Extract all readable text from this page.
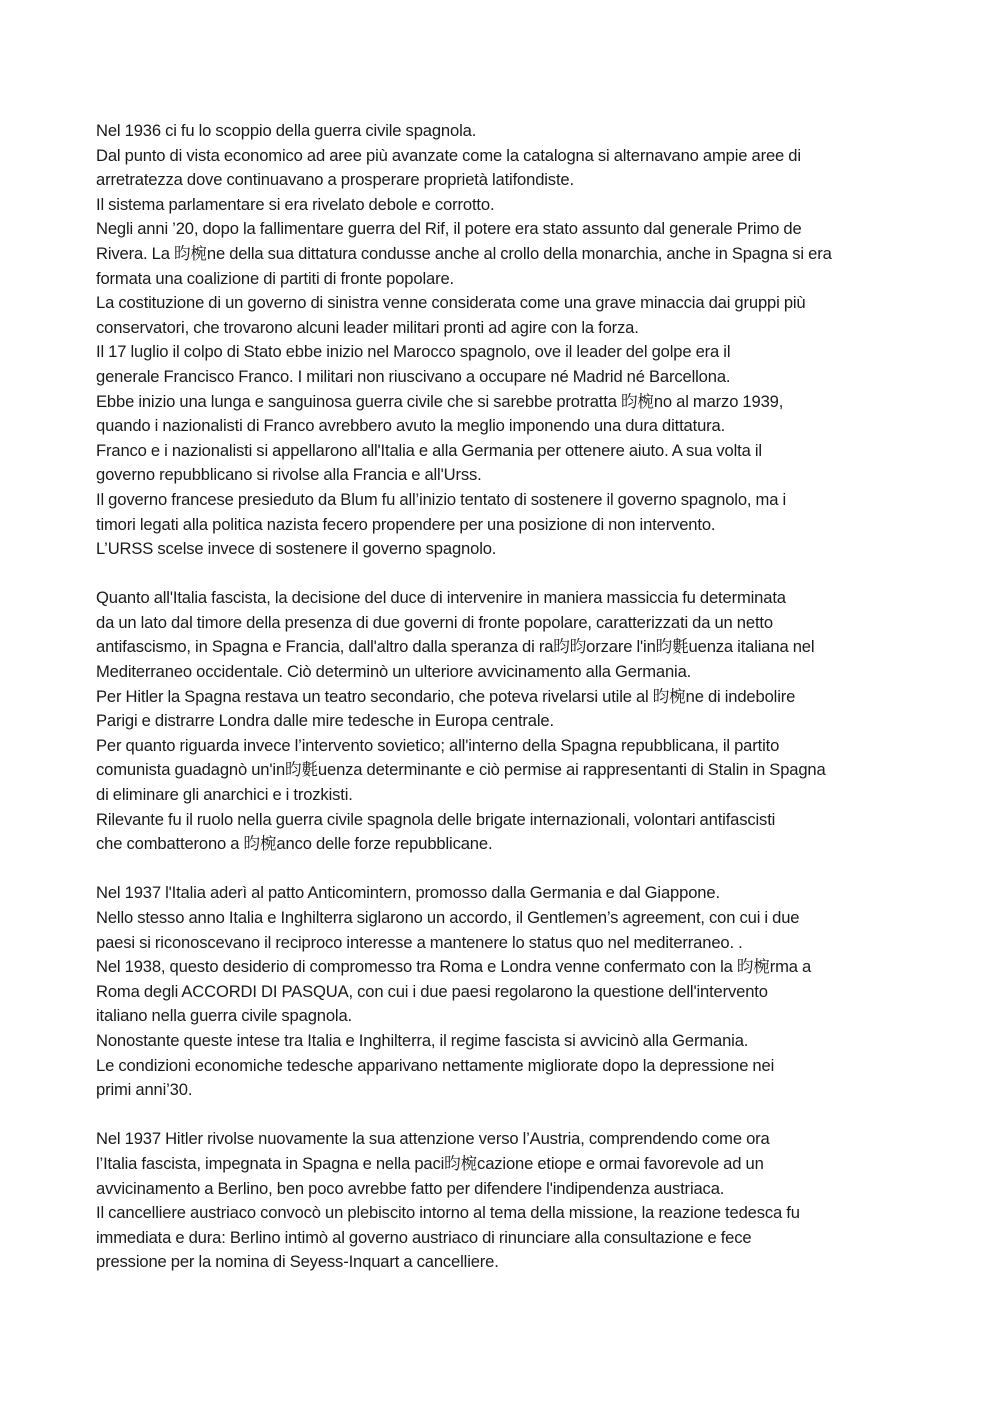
Nel 1936 ci fu lo scoppio della guerra civile spagnola.
Dal punto di vista economico ad aree più avanzate come la catalogna si alternavano ampie aree di
arretratezza dove continuavano a prosperare proprietà latifondiste.
Il sistema parlamentare si era rivelato debole e corrotto.
Negli anni ’20, dopo la fallimentare guerra del Rif, il potere era stato assunto dal generale Primo de
Rivera. La 昀椀ne della sua dittatura condusse anche al crollo della monarchia, anche in Spagna si era
formata una coalizione di partiti di fronte popolare.
La costituzione di un governo di sinistra venne considerata come una grave minaccia dai gruppi più
conservatori, che trovarono alcuni leader militari pronti ad agire con la forza.
Il 17 luglio il colpo di Stato ebbe inizio nel Marocco spagnolo, ove il leader del golpe era il
generale Francisco Franco. I militari non riuscivano a occupare né Madrid né Barcellona.
Ebbe inizio una lunga e sanguinosa guerra civile che si sarebbe protratta 昀椀no al marzo 1939,
quando i nazionalisti di Franco avrebbero avuto la meglio imponendo una dura dittatura.
Franco e i nazionalisti si appellarono all'Italia e alla Germania per ottenere aiuto. A sua volta il
governo repubblicano si rivolse alla Francia e all'Urss.
Il governo francese presieduto da Blum fu all’inizio tentato di sostenere il governo spagnolo, ma i
timori legati alla politica nazista fecero propendere per una posizione di non intervento.
L’URSS scelse invece di sostenere il governo spagnolo.
Quanto all'Italia fascista, la decisione del duce di intervenire in maniera massiccia fu determinata
da un lato dal timore della presenza di due governi di fronte popolare, caratterizzati da un netto
antifascismo, in Spagna e Francia, dall'altro dalla speranza di ra昀昀orzare l'in昀氀uenza italiana nel
Mediterraneo occidentale. Ciò determinò un ulteriore avvicinamento alla Germania.
Per Hitler la Spagna restava un teatro secondario, che poteva rivelarsi utile al 昀椀ne di indebolire
Parigi e distrarre Londra dalle mire tedesche in Europa centrale.
Per quanto riguarda invece l’intervento sovietico; all'interno della Spagna repubblicana, il partito
comunista guadagnò un'in昀氀uenza determinante e ciò permise ai rappresentanti di Stalin in Spagna
di eliminare gli anarchici e i trozkisti.
Rilevante fu il ruolo nella guerra civile spagnola delle brigate internazionali, volontari antifascisti
che combatterono a 昀椀anco delle forze repubblicane.
Nel 1937 l'Italia aderì al patto Anticomintern, promosso dalla Germania e dal Giappone.
Nello stesso anno Italia e Inghilterra siglarono un accordo, il Gentlemen’s agreement, con cui i due
paesi si riconoscevano il reciproco interesse a mantenere lo status quo nel mediterraneo. .
Nel 1938, questo desiderio di compromesso tra Roma e Londra venne confermato con la 昀椀rma a
Roma degli ACCORDI DI PASQUA, con cui i due paesi regolarono la questione dell'intervento
italiano nella guerra civile spagnola.
Nonostante queste intese tra Italia e Inghilterra, il regime fascista si avvicinò alla Germania.
Le condizioni economiche tedesche apparivano nettamente migliorate dopo la depressione nei
primi anni’30.
Nel 1937 Hitler rivolse nuovamente la sua attenzione verso l’Austria, comprendendo come ora
l’Italia fascista, impegnata in Spagna e nella paci昀椀cazione etiope e ormai favorevole ad un
avvicinamento a Berlino, ben poco avrebbe fatto per difendere l'indipendenza austriaca.
Il cancelliere austriaco convocò un plebiscito intorno al tema della missione, la reazione tedesca fu
immediata e dura: Berlino intimò al governo austriaco di rinunciare alla consultazione e fece
pressione per la nomina di Seyess-Inquart a cancelliere.
